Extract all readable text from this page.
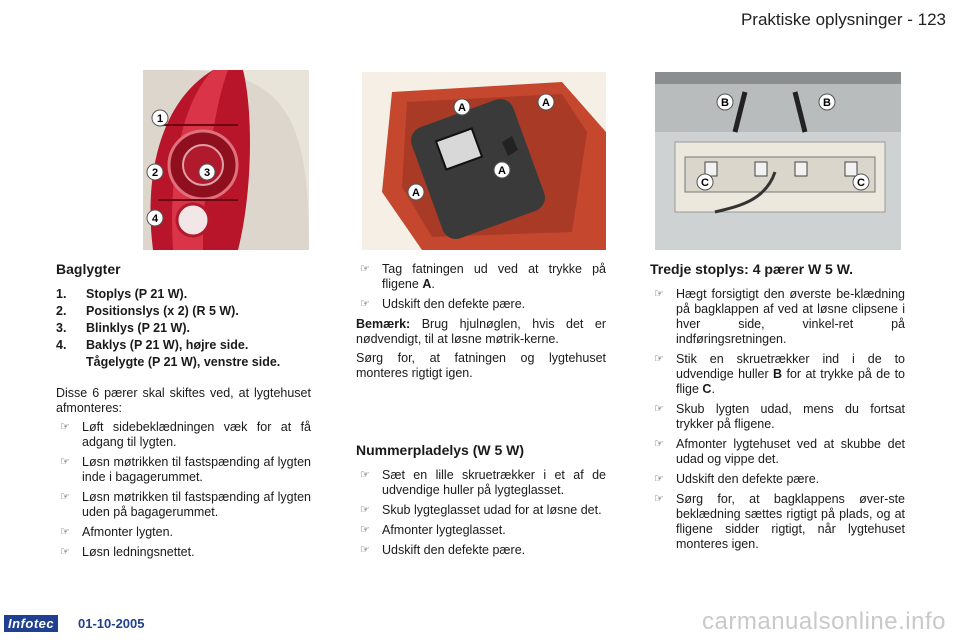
Praktiske oplysninger - 123
1
2	3
4
A	A
A
A
B	B
C	C
Baglygter
1.	Stoplys (P 21 W).
2.	Positionslys (x 2) (R 5 W).
3.	Blinklys (P 21 W).
4.	Baklys (P 21 W), højre side.
Tågelygte (P 21 W), venstre side.

Disse 6 pærer skal skiftes ved, at lygtehuset afmonteres:

☞ Løft sidebeklædningen væk for at få adgang til lygten.
☞ Løsn møtrikken til fastspænding af lygten inde i bagagerummet.
☞ Løsn møtrikken til fastspænding af lygten uden på bagagerummet.
☞ Afmonter lygten.
☞ Løsn ledningsnettet.
☞ Tag fatningen ud ved at trykke på fligene A.
☞ Udskift den defekte pære.

Bemærk: Brug hjulnøglen, hvis det er nødvendigt, til at løsne møtrik-kerne.

Sørg for, at fatningen og lygtehuset monteres rigtigt igen.

Nummerpladelys (W 5 W)
☞ Sæt en lille skruetrækker i et af de udvendige huller på lygteglasset.
☞ Skub lygteglasset udad for at løsne det.
☞ Afmonter lygteglasset.
☞ Udskift den defekte pære.
Tredje stoplys: 4 pærer W 5 W.
☞ Hægt forsigtigt den øverste be-klædning på bagklappen af ved at løsne clipsene i hver side, vinkel-ret på indføringsretningen.
☞ Stik en skruetrækker ind i de to udvendige huller B for at trykke på de to flige C.
☞ Skub lygten udad, mens du fortsat trykker på fligene.
☞ Afmonter lygtehuset ved at skubbe det udad og vippe det.
☞ Udskift den defekte pære.
☞ Sørg for, at bagklappens øver-ste beklædning sættes rigtigt på plads, og at fligene sidder rigtigt, når lygtehuset monteres igen.
Infotec	01-10-2005	carmanualsonline.info
